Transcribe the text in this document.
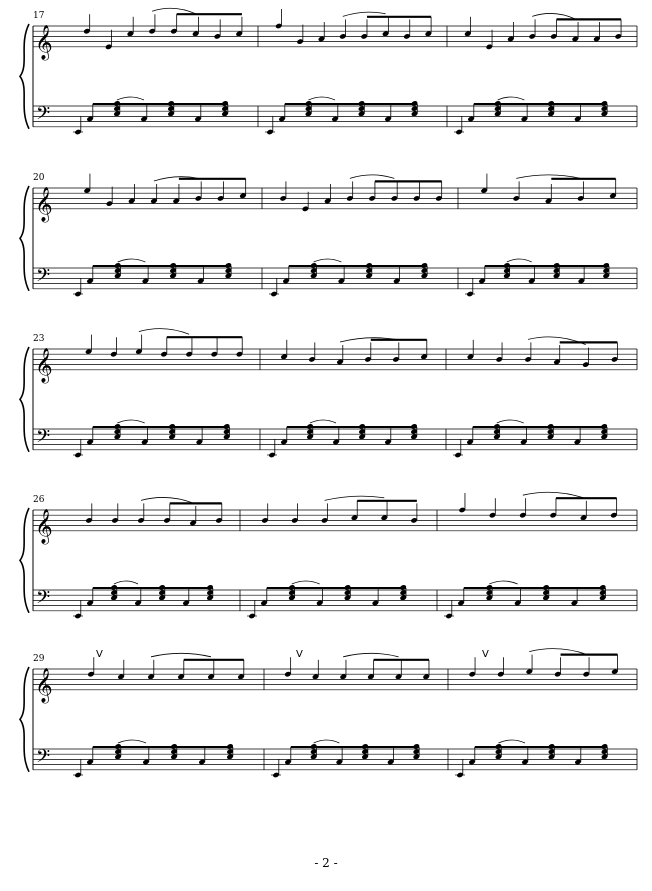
𝄞
𝄢
17
𝄞
𝄢
20
𝄞
𝄢
23
𝄞
𝄢
26
𝄞
𝄢
29	V	V	V
- 2 -
